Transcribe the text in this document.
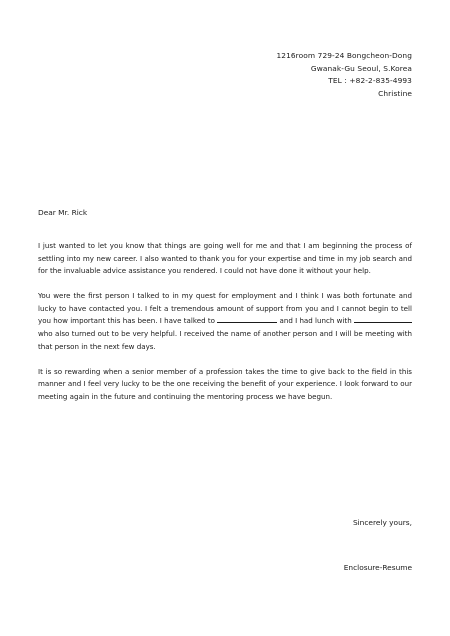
1216room 729-24 Bongcheon-Dong
Gwanak-Gu Seoul, S.Korea
TEL : +82-2-835-4993
Christine
Dear Mr. Rick

I just wanted to let you know that things are going well for me and that I am beginning the process of settling into my new career. I also wanted to thank you for your expertise and time in my job search and for the invaluable advice assistance you rendered. I could not have done it without your help.

You were the first person I talked to in my quest for employment and I think I was both fortunate and lucky to have contacted you. I felt a tremendous amount of support from you and I cannot begin to tell you how important this has been. I have talked to	and I had lunch with  who also turned out to be very helpful. I received the name of another person and I will be meeting with that person in the next few days.

It is so rewarding when a senior member of a profession takes the time to give back to the field in this manner and I feel very lucky to be the one receiving the benefit of your experience. I look forward to our meeting again in the future and continuing the mentoring process we have begun.

Sincerely yours,
Enclosure-Resume
